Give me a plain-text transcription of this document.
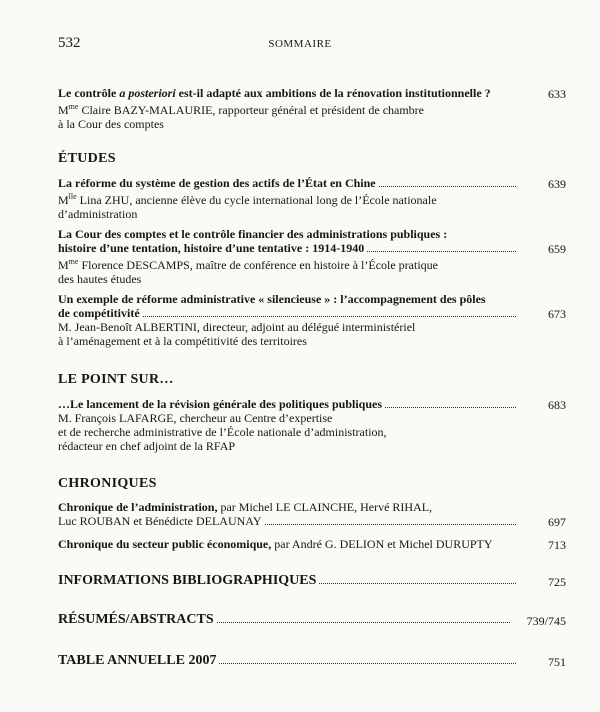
532	SOMMAIRE
Le contrôle a posteriori est-il adapté aux ambitions de la rénovation institutionnelle ?	633
$M^{me}$ Claire BAZY-MALAURIE, rapporteur général et président de chambre
à la Cour des comptes
ÉTUDES
La réforme du système de gestion des actifs de l’État en Chine	639
$M^{lle}$ Lina ZHU, ancienne élève du cycle international long de l’École nationale
d’administration
La Cour des comptes et le contrôle financier des administrations publiques :
histoire d’une tentation, histoire d’une tentative : 1914-1940	659
$M^{me}$ Florence DESCAMPS, maître de conférence en histoire à l’École pratique
des hautes études
Un exemple de réforme administrative « silencieuse » : l’accompagnement des pôles
de compétitivité	673
M. Jean-Benoît ALBERTINI, directeur, adjoint au délégué interministériel
à l’aménagement et à la compétitivité des territoires
LE POINT SUR…
…Le lancement de la révision générale des politiques publiques	683
M. François LAFARGE, chercheur au Centre d’expertise
et de recherche administrative de l’École nationale d’administration,
rédacteur en chef adjoint de la RFAP
CHRONIQUES
Chronique de l’administration, par Michel LE CLAINCHE, Hervé RIHAL,
Luc ROUBAN et Bénédicte DELAUNAY	697
Chronique du secteur public économique, par André G. DELION et Michel DURUPTY	713
INFORMATIONS BIBLIOGRAPHIQUES	725
RÉSUMÉS/ABSTRACTS	739/745
TABLE ANNUELLE 2007	751
